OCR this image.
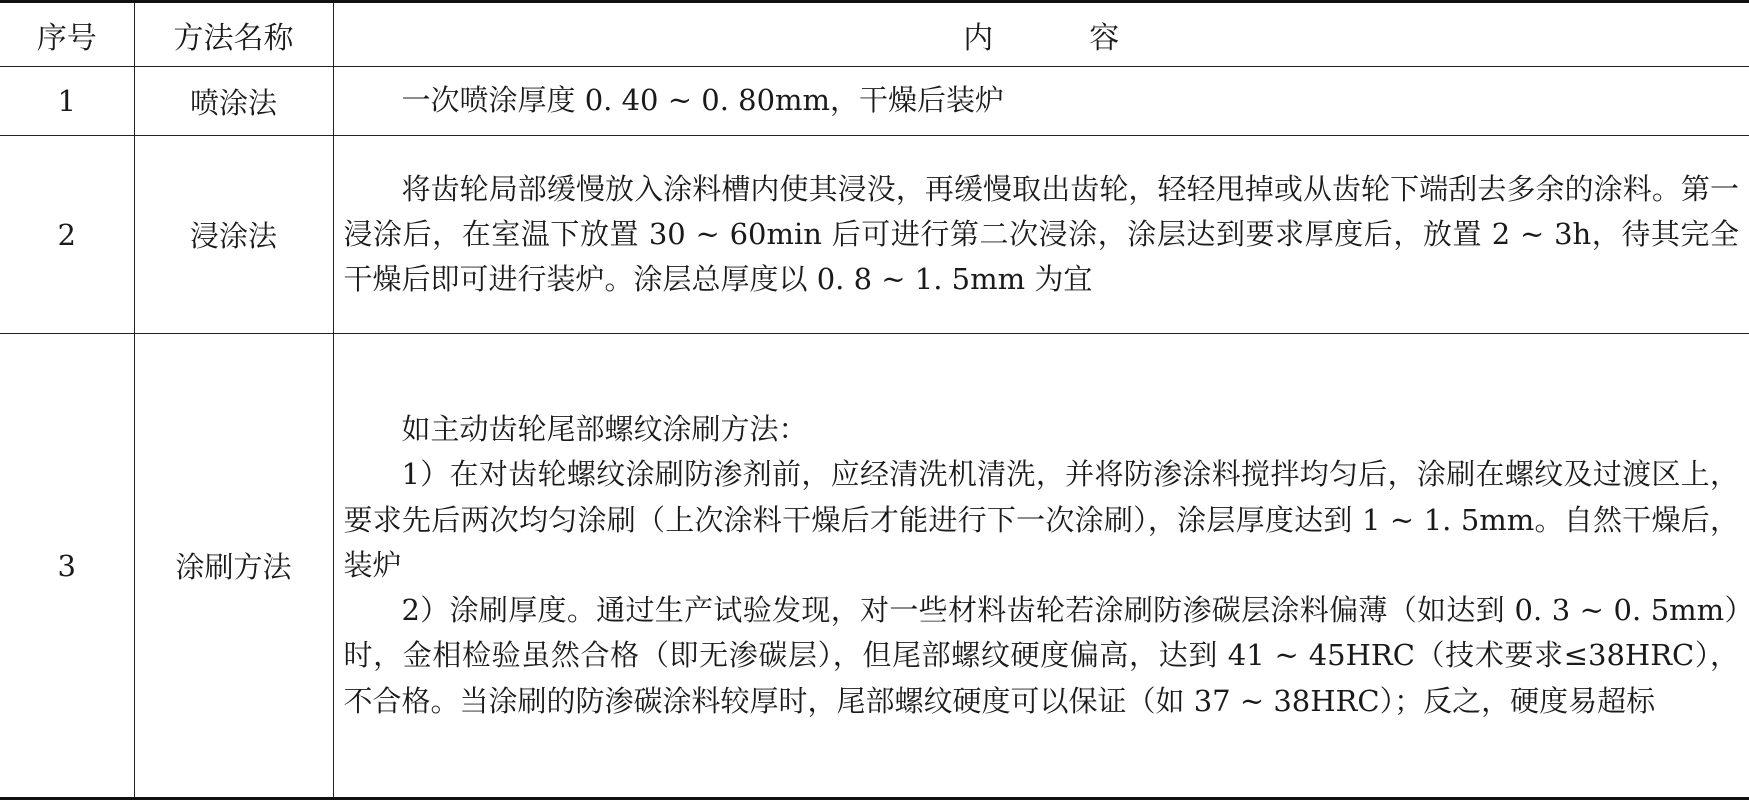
序号	方法名称	内容
1	喷涂法	一次喷涂厚度 0. 40 ~ 0. 80mm，干燥后装炉

2	浸涂法	将齿轮局部缓慢放入涂料槽内使其浸没，再缓慢取出齿轮，轻轻甩掉或从齿轮下端刮去多余的涂料。第一浸涂后，在室温下放置 30 ~ 60min 后可进行第二次浸涂，涂层达到要求厚度后，放置 2 ~ 3h，待其完全干燥后即可进行装炉。涂层总厚度以 0. 8 ~ 1. 5mm 为宜

3	涂刷方法	如主动齿轮尾部螺纹涂刷方法：

1）在对齿轮螺纹涂刷防渗剂前，应经清洗机清洗，并将防渗涂料搅拌均匀后，涂刷在螺纹及过渡区上，要求先后两次均匀涂刷（上次涂料干燥后才能进行下一次涂刷），涂层厚度达到 1 ~ 1. 5mm。自然干燥后，装炉

2）涂刷厚度。通过生产试验发现，对一些材料齿轮若涂刷防渗碳层涂料偏薄（如达到 0. 3 ~ 0. 5mm）时，金相检验虽然合格（即无渗碳层），但尾部螺纹硬度偏高，达到 41 ~ 45HRC（技术要求≤38HRC），不合格。当涂刷的防渗碳涂料较厚时，尾部螺纹硬度可以保证（如 37 ~ 38HRC）；反之，硬度易超标
